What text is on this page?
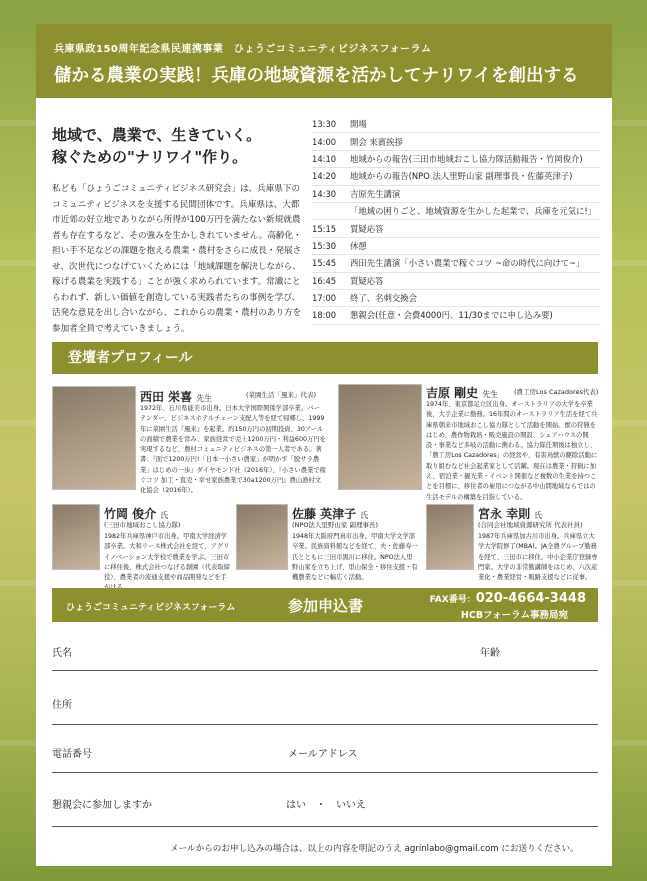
兵庫県政150周年記念県民連携事業　ひょうごコミュニティビジネスフォーラム
儲かる農業の実践！兵庫の地域資源を活かしてナリワイを創出する
地域で、農業で、生きていく。
稼ぐための"ナリワイ"作り。
私ども「ひょうごコミュニティビジネス研究会」は、兵庫県下のコミュニティビジネスを支援する民間団体です。兵庫県は、大都市近郊の好立地でありながら所得が100万円を満たない新規就農者も存在するなど、その強みを生かしきれていません。高齢化・担い手不足などの課題を抱える農業・農村をさらに成長・発展させ、次世代につなげていくためには「地域課題を解決しながら、稼げる農業を実践する」ことが強く求められています。常識にとらわれず、新しい価値を創造している実践者たちの事例を学び、活発な意見を出し合いながら、これからの農業・農村のあり方を参加者全員で考えていきましょう。
13:30	開場
14:00	開会 来賓挨拶
14:10	地域からの報告(三田市地域おこし協力隊活動報告・竹岡俊介)
14:20	地域からの報告(NPO 法人里野山家 副理事長・佐藤英津子)
14:30	吉原先生講演
「地域の困りごと、地域資源を生かした起業で、兵庫を元気に!」
15:15	質疑応答
15:30	休憩
15:45	西田先生講演「小さい農業で稼ぐコツ ~命の時代に向けて~」
16:45	質疑応答
17:00	終了、名刺交換会
18:00	懇親会(任意・会費4000円、11/30までに申し込み要)
登壇者プロフィール
西田 栄喜 先生	(菜園生活「風来」代表)
1972年、石川県能美市出身。日本大学国際関係学部卒業。バーテンダー、ビジネスホテルチェーン支配人等を経て帰郷し、1999年に菜園生活『風来』を起業。約150万円の初期投資、30アールの面積で農業を営み、家族経営で売上1200万円・利益600万円を実現するなど、農村コミュニティビジネスの第一人者である。著書：『面で1200万円!「日本一小さい農家」が明かす「脱サラ農業」はじめの一歩』ダイヤモンド社（2016年）、『小さい農業で稼ぐコツ 加工・直売・幸せ家族農業で30a1200万円』農山漁村文化協会（2016年）。
吉原 剛史 先生 (農工房Los Cazadores代表)
1974年、東京都足立区出身。オーストラリアの大学を卒業後、大手企業に勤務。16年間のオーストラリア生活を経て兵庫県朝来市地域おこし協力隊として活動を開始。獣の狩猟をはじめ、農作物栽培・販売施設の開設、シェアハウスの開設・事業など多岐の活動に携わる。協力隊任期後は独立し、「農工房Los Cazadores」の経営や、有害鳥獣の駆除活動に取り組むなど社会起業家として活躍。現在は農業・狩猟に加え、宿泊業・観光業・イベント開催など複数の生業を持つことを目標に、移住者の雇用につながる中山間地域ならではの生活モデルの構築を目指している。
竹岡 俊介 氏
(三田市地域おこし協力隊)
1982年兵庫県神戸市出身。甲南大学経済学部卒業。大和リース株式会社を経て、アグリイノベーション大学校で農業を学ぶ。三田市に移住後、株式会社つなげる創園（代表取締役）、農業者の流通支援や商品開発などを手
佐藤 英津子 氏
(NPO法人里野山家 副理事長)
1948年大阪府門真市出身。甲南大学文学部卒業。民族資料館などを経て、夫・佐藤寿一氏とともに三田市黒川に移住。NPO法人里野山家を立ち上げ、里山保全・移住支援・有機農業などに幅広く活動。
宮永 幸則 氏
(合同会社地域資源研究所 代表社員)
1987年兵庫県加古川市出身。兵庫県立大学大学院修了(MBA)。JA全農グループ勤務を経て、三田市に移住。中小企業庁登録専門家。大学の非常勤講師をはじめ、六次産業化・農業経営・販路支援などに従事。
ひょうごコミュニティビジネスフォーラム	参加申込書	FAX番号：020-4664-3448
HCBフォーラム事務局宛
氏名	年齢
住所
電話番号	メールアドレス
懇親会に参加しますか	はい　・　いいえ
メールからのお申し込みの場合は、以上の内容を明記のうえ agrinlabo@gmail.com にお送りください。
